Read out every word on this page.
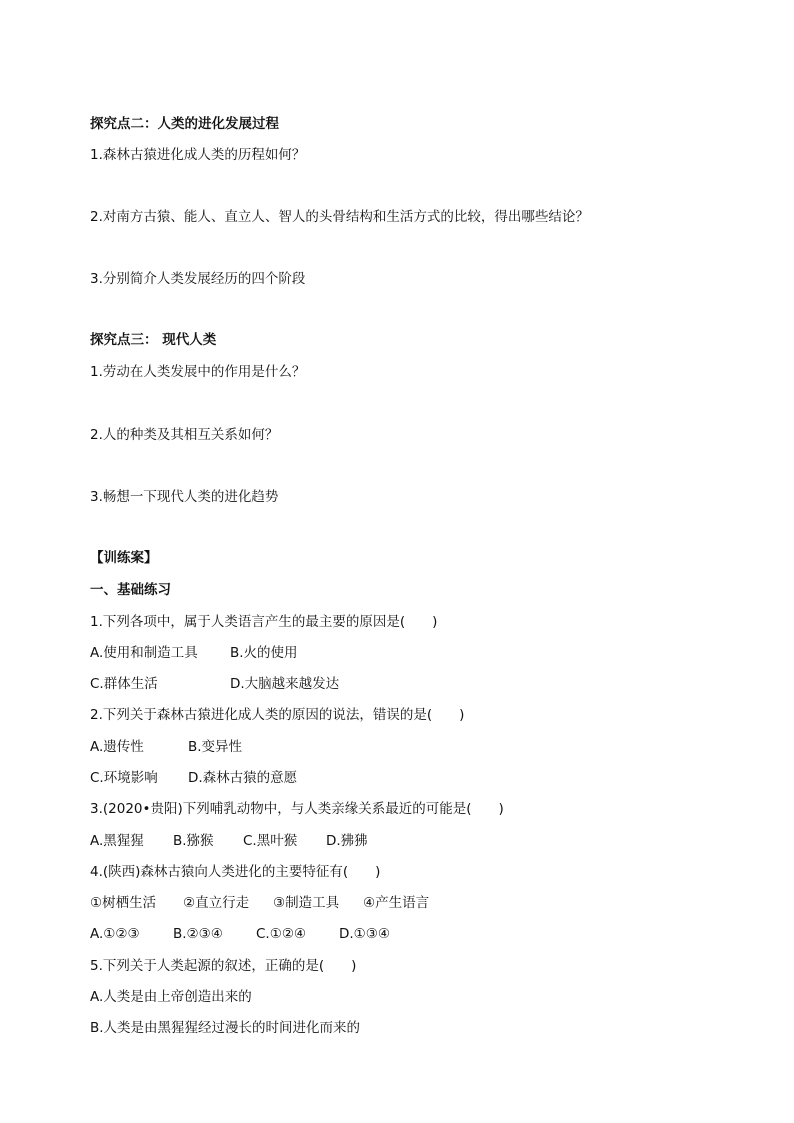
探究点二：人类的进化发展过程
1.森林古猿进化成人类的历程如何？
2.对南方古猿、能人、直立人、智人的头骨结构和生活方式的比较，得出哪些结论？
3.分别简介人类发展经历的四个阶段
探究点三： 现代人类
1.劳动在人类发展中的作用是什么？
2.人的种类及其相互关系如何？
3.畅想一下现代人类的进化趋势
【训练案】
一、基础练习
1.下列各项中，属于人类语言产生的最主要的原因是(　　)
A.使用和制造工具 B.火的使用
C.群体生活	D.大脑越来越发达
2.下列关于森林古猿进化成人类的原因的说法，错误的是(　　)
A.遗传性	B.变异性
C.环境影响 D.森林古猿的意愿
3.(2020•贵阳)下列哺乳动物中，与人类亲缘关系最近的可能是(　　)
A.黑猩猩 B.猕猴 C.黑叶猴 D.狒狒
4.(陕西)森林古猿向人类进化的主要特征有(　　)
①树栖生活 ②直立行走 ③制造工具 ④产生语言
A.①②③ B.②③④ C.①②④ D.①③④
5.下列关于人类起源的叙述，正确的是(　　)
A.人类是由上帝创造出来的
B.人类是由黑猩猩经过漫长的时间进化而来的
